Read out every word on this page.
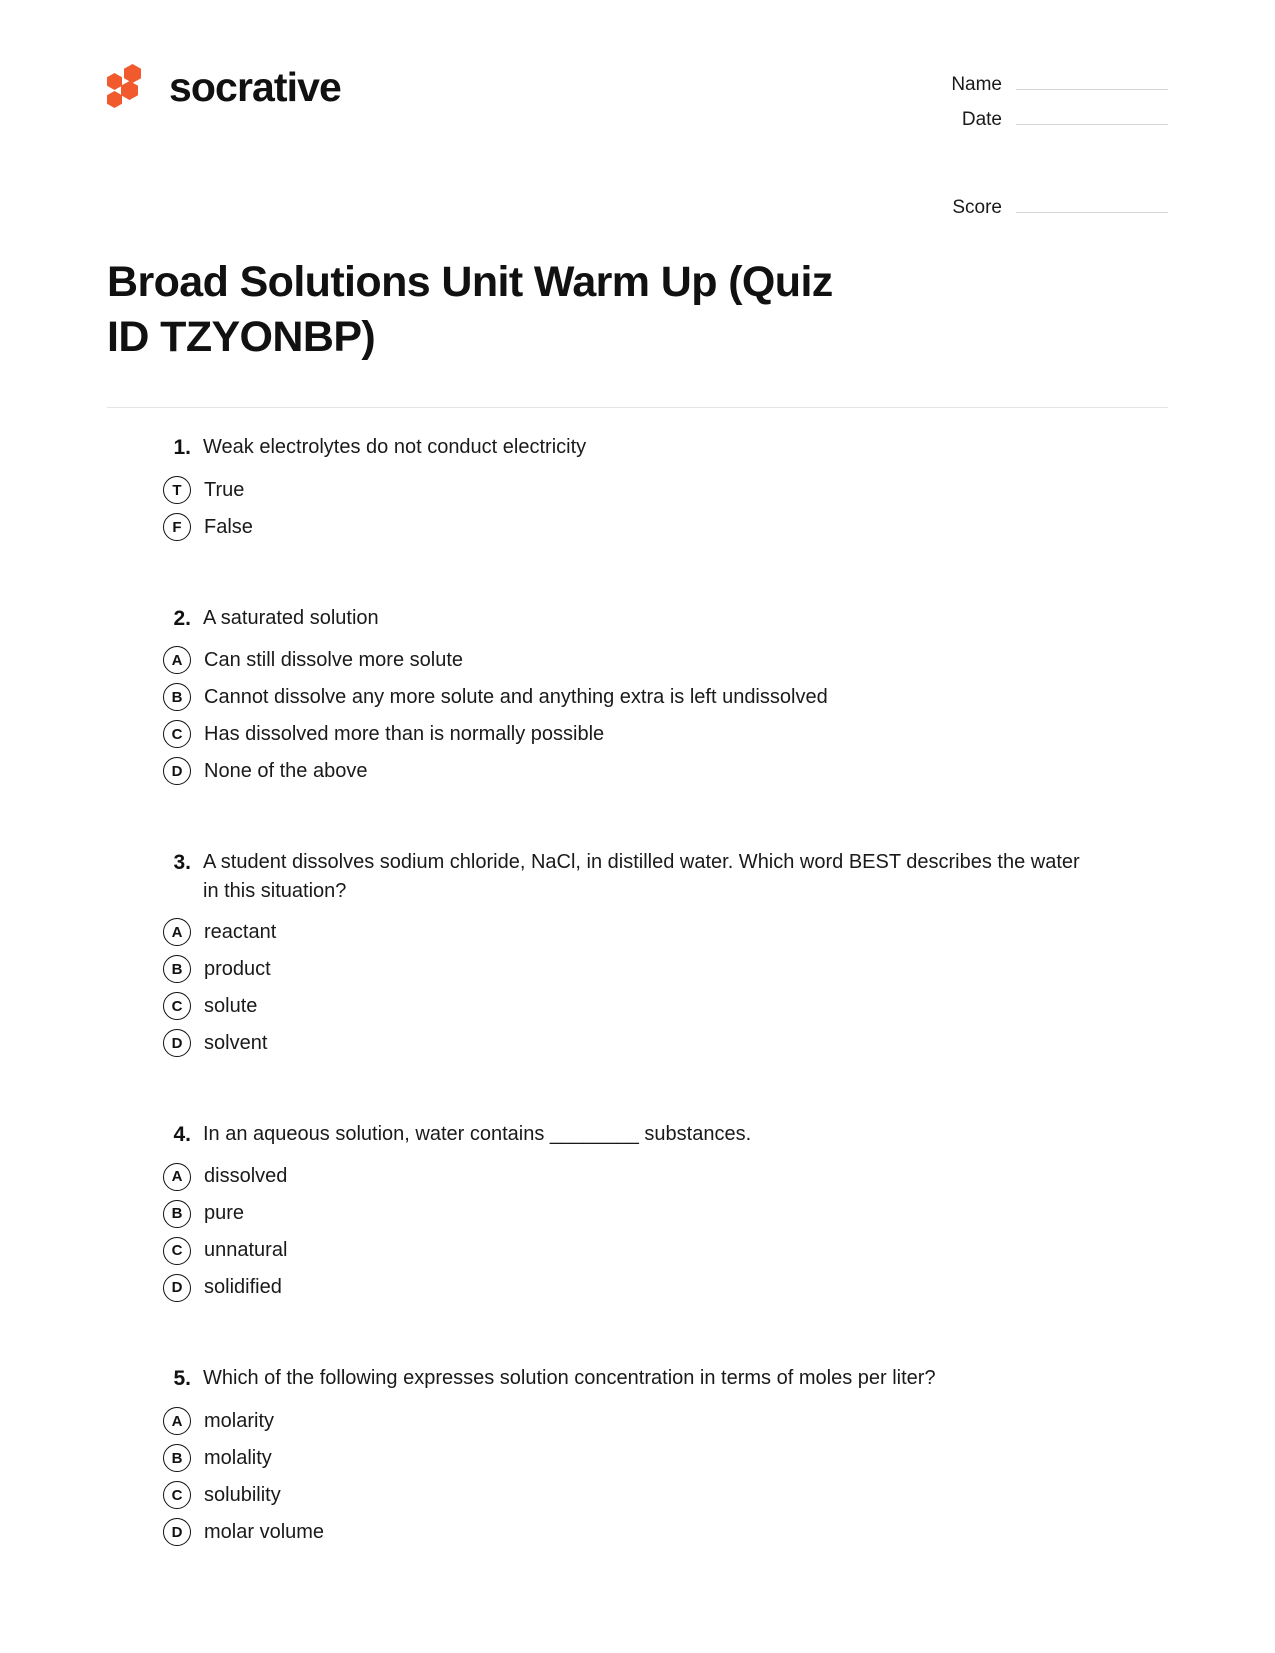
socrative	Name
Date
Score
Broad Solutions Unit Warm Up (Quiz ID TZYONBP)
1. Weak electrolytes do not conduct electricity
T	True
F	False
2. A saturated solution
A	Can still dissolve more solute
B	Cannot dissolve any more solute and anything extra is left undissolved
C	Has dissolved more than is normally possible
D	None of the above
3. A student dissolves sodium chloride, NaCl, in distilled water. Which word BEST describes the water in this situation?
A	reactant
B	product
C	solute
D	solvent
4. In an aqueous solution, water contains ________ substances.
A	dissolved
B	pure
C	unnatural
D	solidified
5. Which of the following expresses solution concentration in terms of moles per liter?
A	molarity
B	molality
C	solubility
D	molar volume
